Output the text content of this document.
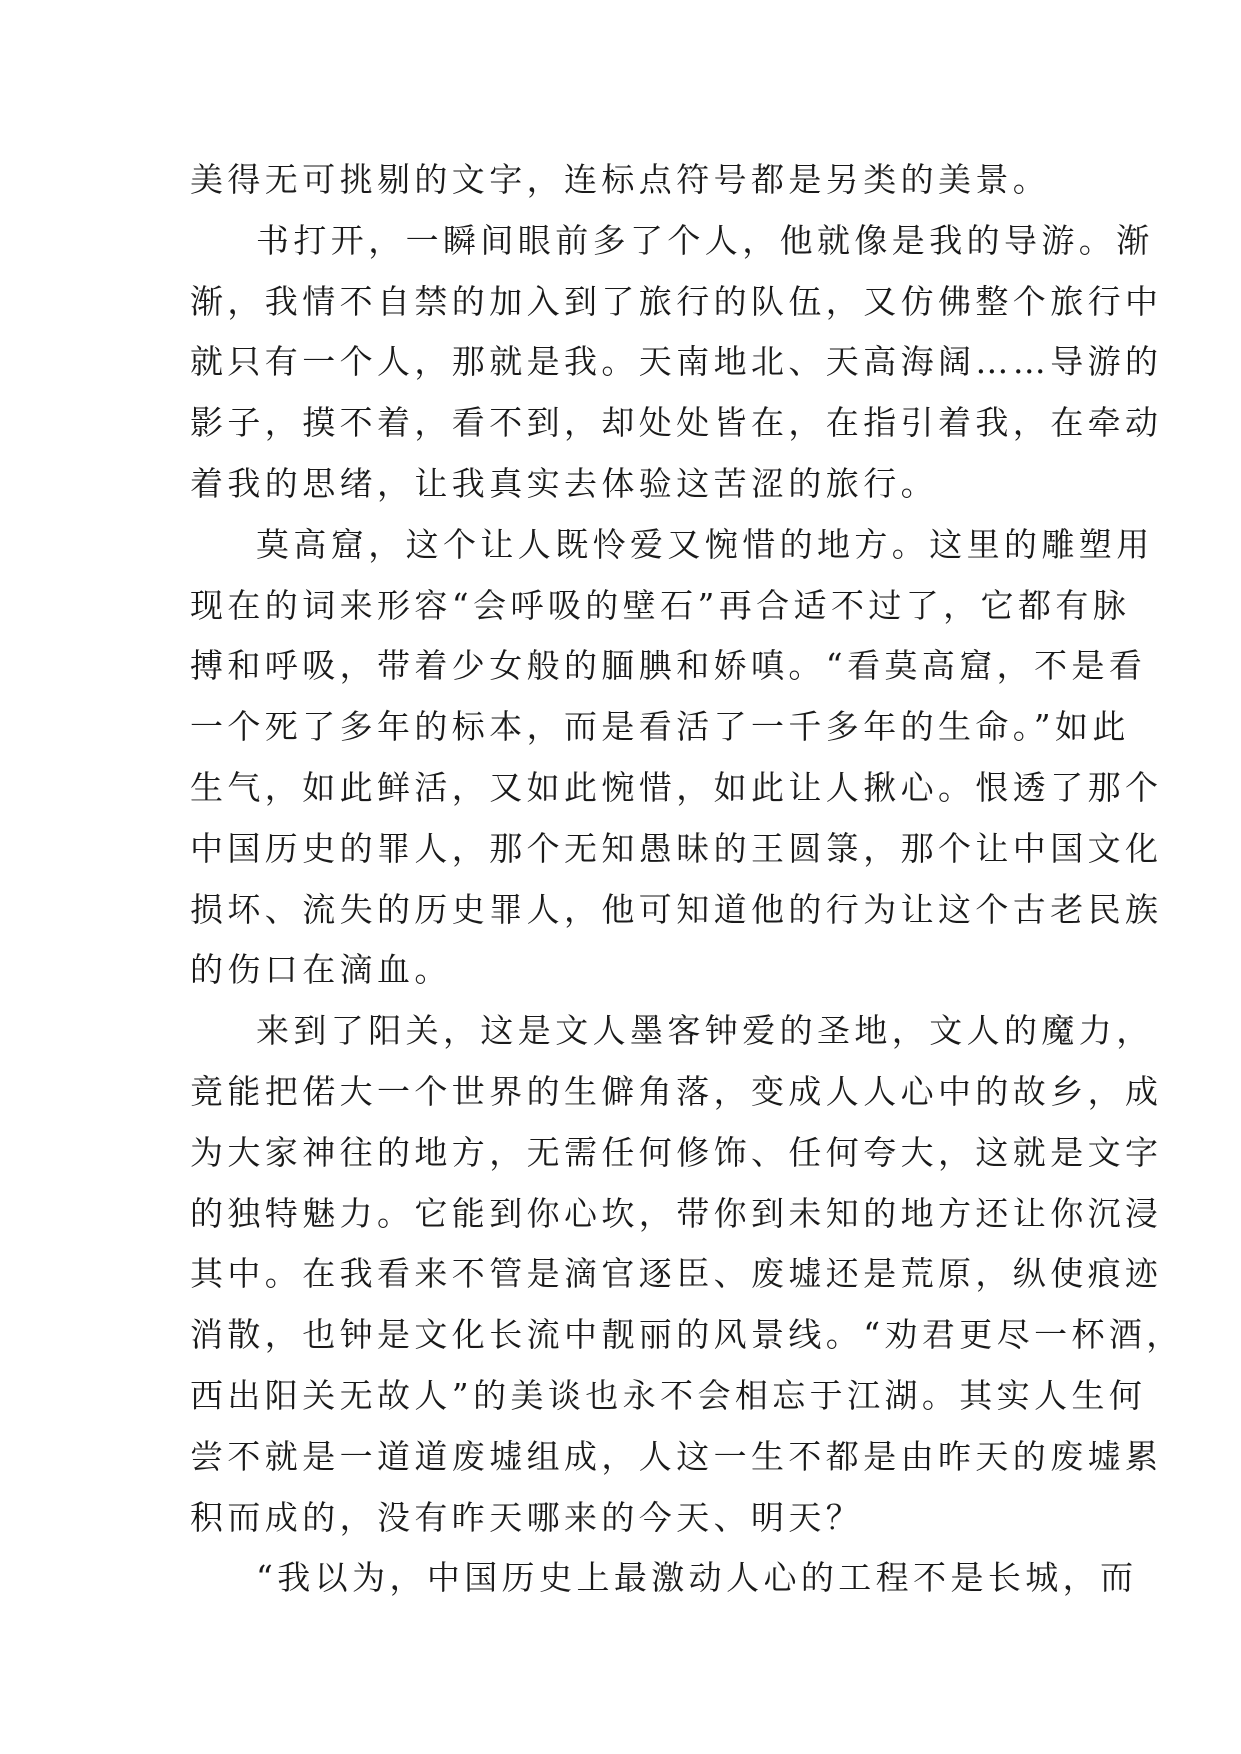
美得无可挑剔的文字，连标点符号都是另类的美景。
书打开，一瞬间眼前多了个人，他就像是我的导游。渐
渐，我情不自禁的加入到了旅行的队伍，又仿佛整个旅行中
就只有一个人，那就是我。天南地北、天高海阔……导游的
影子，摸不着，看不到，却处处皆在，在指引着我，在牵动
着我的思绪，让我真实去体验这苦涩的旅行。
莫高窟，这个让人既怜爱又惋惜的地方。这里的雕塑用
现在的词来形容“会呼吸的壁石”再合适不过了，它都有脉
搏和呼吸，带着少女般的腼腆和娇嗔。“看莫高窟，不是看
一个死了多年的标本，而是看活了一千多年的生命。”如此
生气，如此鲜活，又如此惋惜，如此让人揪心。恨透了那个
中国历史的罪人，那个无知愚昧的王圆箓，那个让中国文化
损坏、流失的历史罪人，他可知道他的行为让这个古老民族
的伤口在滴血。
来到了阳关，这是文人墨客钟爱的圣地，文人的魔力，
竟能把偌大一个世界的生僻角落，变成人人心中的故乡，成
为大家神往的地方，无需任何修饰、任何夸大，这就是文字
的独特魅力。它能到你心坎，带你到未知的地方还让你沉浸
其中。在我看来不管是滴官逐臣、废墟还是荒原，纵使痕迹
消散，也钟是文化长流中靓丽的风景线。“劝君更尽一杯酒，
西出阳关无故人”的美谈也永不会相忘于江湖。其实人生何
尝不就是一道道废墟组成，人这一生不都是由昨天的废墟累
积而成的，没有昨天哪来的今天、明天？
“我以为，中国历史上最激动人心的工程不是长城，而
